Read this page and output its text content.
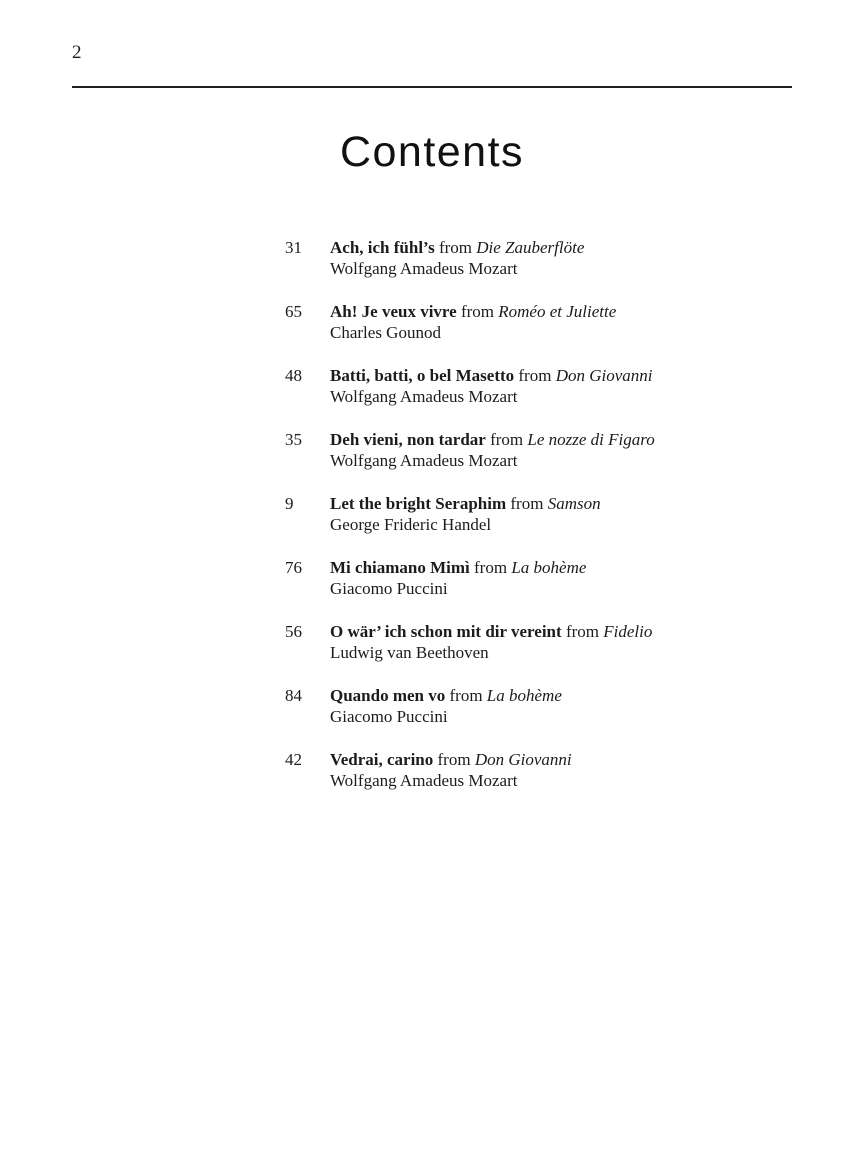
2
Contents
31	Ach, ich fühl’s from Die Zauberflöte
Wolfgang Amadeus Mozart
65	Ah! Je veux vivre from Roméo et Juliette
Charles Gounod
48	Batti, batti, o bel Masetto from Don Giovanni
Wolfgang Amadeus Mozart
35	Deh vieni, non tardar from Le nozze di Figaro
Wolfgang Amadeus Mozart
9	Let the bright Seraphim from Samson
George Frideric Handel
76	Mi chiamano Mimì from La bohème
Giacomo Puccini
56	O wär’ ich schon mit dir vereint from Fidelio
Ludwig van Beethoven
84	Quando men vo from La bohème
Giacomo Puccini
42	Vedrai, carino from Don Giovanni
Wolfgang Amadeus Mozart
